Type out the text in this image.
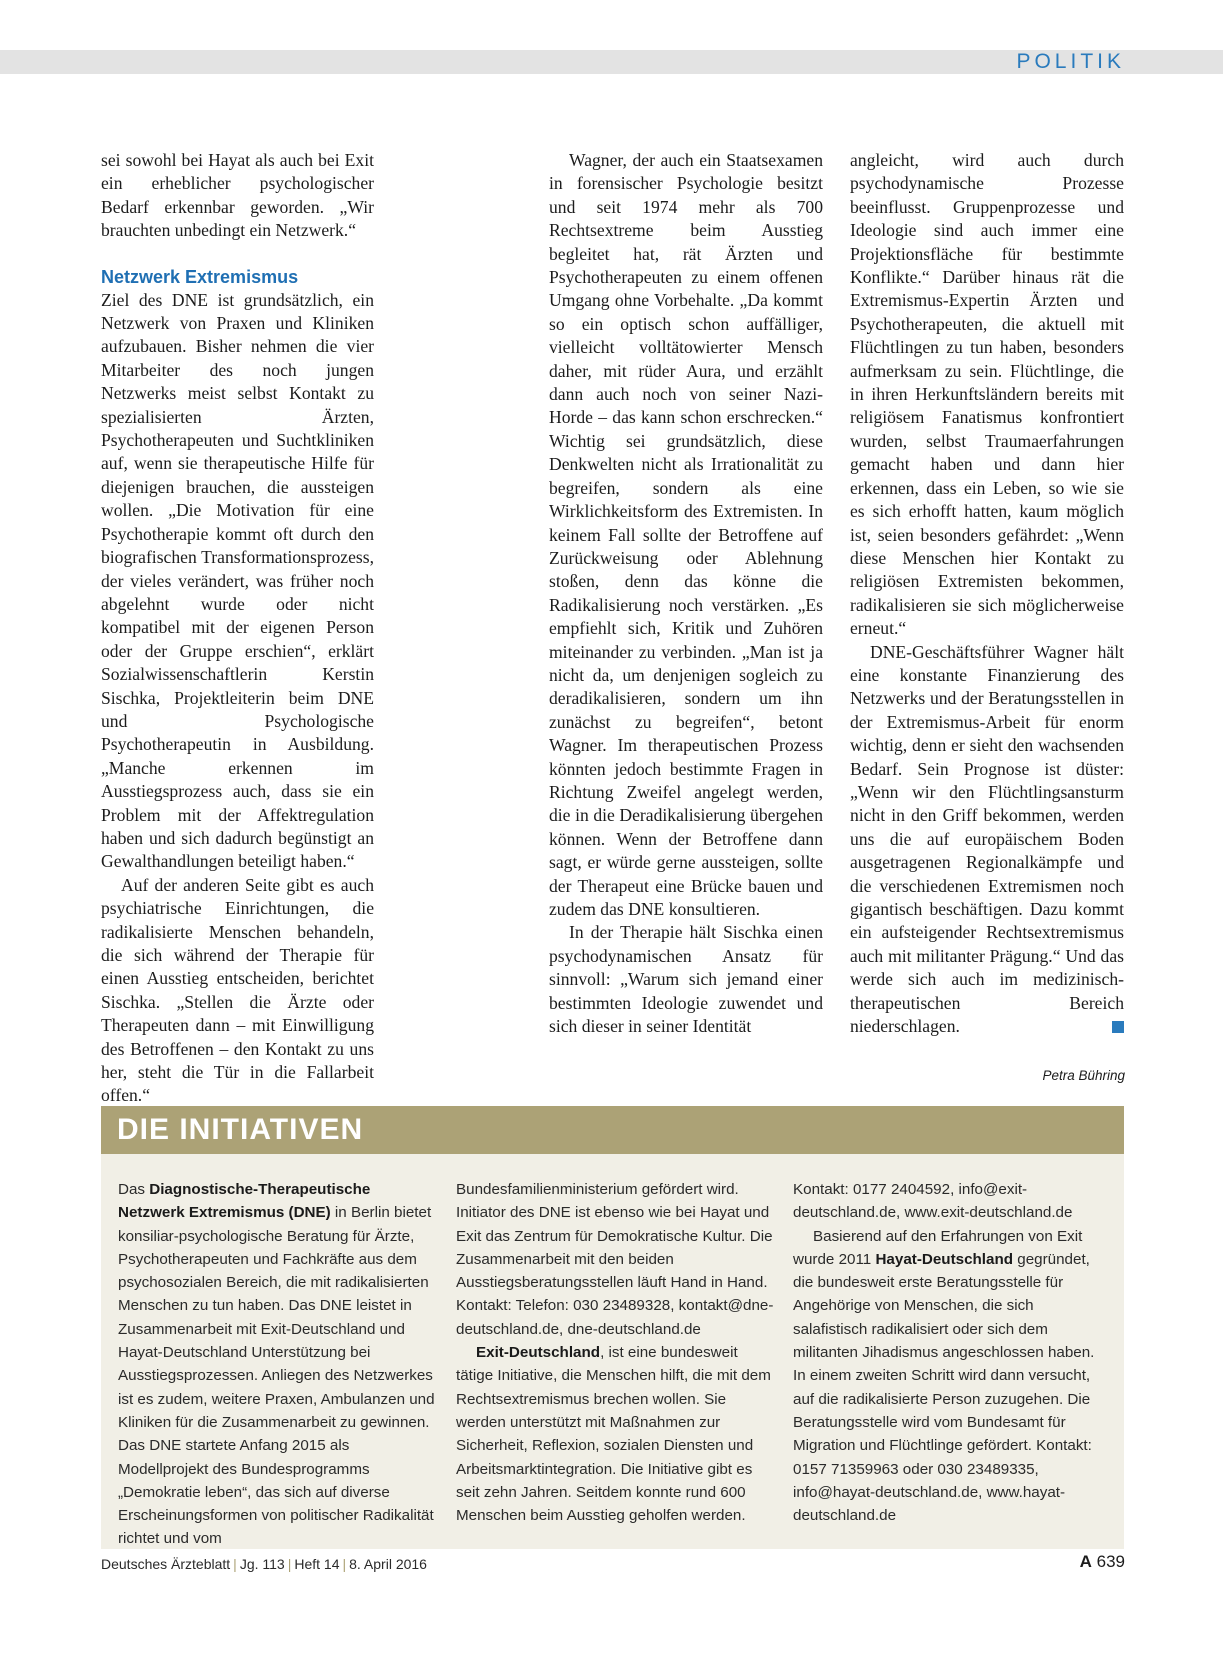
POLITIK

sei sowohl bei Hayat als auch bei Exit ein erheblicher psychologischer Bedarf erkennbar geworden. „Wir brauchten unbedingt ein Netzwerk.“

Netzwerk Extremismus

Ziel des DNE ist grundsätzlich, ein Netzwerk von Praxen und Kliniken aufzubauen. Bisher nehmen die vier Mitarbeiter des noch jungen Netzwerks meist selbst Kontakt zu spezialisierten Ärzten, Psychotherapeuten und Suchtkliniken auf, wenn sie therapeutische Hilfe für diejenigen brauchen, die aussteigen wollen. „Die Motivation für eine Psychotherapie kommt oft durch den biografischen Transformationsprozess, der vieles verändert, was früher noch abgelehnt wurde oder nicht kompatibel mit der eigenen Person oder der Gruppe erschien“, erklärt Sozialwissenschaftlerin Kerstin Sischka, Projektleiterin beim DNE und Psychologische Psychotherapeutin in Ausbildung. „Manche erkennen im Ausstiegsprozess auch, dass sie ein Problem mit der Affektregulation haben und sich dadurch begünstigt an Gewalthandlungen beteiligt haben.“

Auf der anderen Seite gibt es auch psychiatrische Einrichtungen, die radikalisierte Menschen behandeln, die sich während der Therapie für einen Ausstieg entscheiden, berichtet Sischka. „Stellen die Ärzte oder Therapeuten dann – mit Einwilligung des Betroffenen – den Kontakt zu uns her, steht die Tür in die Fallarbeit offen.“

Wagner, der auch ein Staatsexamen in forensischer Psychologie besitzt und seit 1974 mehr als 700 Rechtsextreme beim Ausstieg begleitet hat, rät Ärzten und Psychotherapeuten zu einem offenen Umgang ohne Vorbehalte. „Da kommt so ein optisch schon auffälliger, vielleicht volltätowierter Mensch daher, mit rüder Aura, und erzählt dann auch noch von seiner Nazi-Horde – das kann schon erschrecken.“ Wichtig sei grundsätzlich, diese Denkwelten nicht als Irrationalität zu begreifen, sondern als eine Wirklichkeitsform des Extremisten. In keinem Fall sollte der Betroffene auf Zurückweisung oder Ablehnung stoßen, denn das könne die Radikalisierung noch verstärken. „Es empfiehlt sich, Kritik und Zuhören miteinander zu verbinden. „Man ist ja nicht da, um denjenigen sogleich zu deradikalisieren, sondern um ihn zunächst zu begreifen“, betont Wagner. Im therapeutischen Prozess könnten jedoch bestimmte Fragen in Richtung Zweifel angelegt werden, die in die Deradikalisierung übergehen können. Wenn der Betroffene dann sagt, er würde gerne aussteigen, sollte der Therapeut eine Brücke bauen und zudem das DNE konsultieren.

In der Therapie hält Sischka einen psychodynamischen Ansatz für sinnvoll: „Warum sich jemand einer bestimmten Ideologie zuwendet und sich dieser in seiner Identität

angleicht, wird auch durch psychodynamische Prozesse beeinflusst. Gruppenprozesse und Ideologie sind auch immer eine Projektionsfläche für bestimmte Konflikte.“ Darüber hinaus rät die Extremismus-Expertin Ärzten und Psychotherapeuten, die aktuell mit Flüchtlingen zu tun haben, besonders aufmerksam zu sein. Flüchtlinge, die in ihren Herkunftsländern bereits mit religiösem Fanatismus konfrontiert wurden, selbst Traumaerfahrungen gemacht haben und dann hier erkennen, dass ein Leben, so wie sie es sich erhofft hatten, kaum möglich ist, seien besonders gefährdet: „Wenn diese Menschen hier Kontakt zu religiösen Extremisten bekommen, radikalisieren sie sich möglicherweise erneut.“

DNE-Geschäftsführer Wagner hält eine konstante Finanzierung des Netzwerks und der Beratungsstellen in der Extremismus-Arbeit für enorm wichtig, denn er sieht den wachsenden Bedarf. Sein Prognose ist düster: „Wenn wir den Flüchtlingsansturm nicht in den Griff bekommen, werden uns die auf europäischem Boden ausgetragenen Regionalkämpfe und die verschiedenen Extremismen noch gigantisch beschäftigen. Dazu kommt ein aufsteigender Rechtsextremismus auch mit militanter Prägung.“ Und das werde sich auch im medizinisch-therapeutischen Bereich niederschlagen.

Petra Bühring
DIE INITIATIVEN

Das Diagnostische-Therapeutische Netzwerk Extremismus (DNE) in Berlin bietet konsiliar-psychologische Beratung für Ärzte, Psychotherapeuten und Fachkräfte aus dem psychosozialen Bereich, die mit radikalisierten Menschen zu tun haben. Das DNE leistet in Zusammenarbeit mit Exit-Deutschland und Hayat-Deutschland Unterstützung bei Ausstiegsprozessen. Anliegen des Netzwerkes ist es zudem, weitere Praxen, Ambulanzen und Kliniken für die Zusammenarbeit zu gewinnen. Das DNE startete Anfang 2015 als Modellprojekt des Bundesprogramms „Demokratie leben“, das sich auf diverse Erscheinungsformen von politischer Radikalität richtet und vom

Bundesfamilienministerium gefördert wird. Initiator des DNE ist ebenso wie bei Hayat und Exit das Zentrum für Demokratische Kultur. Die Zusammenarbeit mit den beiden Ausstiegsberatungsstellen läuft Hand in Hand. Kontakt: Telefon: 030 23489328, kontakt@dne-deutschland.de, dne-deutschland.de

Exit-Deutschland, ist eine bundesweit tätige Initiative, die Menschen hilft, die mit dem Rechtsextremismus brechen wollen. Sie werden unterstützt mit Maßnahmen zur Sicherheit, Reflexion, sozialen Diensten und Arbeitsmarktintegration. Die Initiative gibt es seit zehn Jahren. Seitdem konnte rund 600 Menschen beim Ausstieg geholfen werden.

Kontakt: 0177 2404592, info@exit-deutschland.de, www.exit-deutschland.de

Basierend auf den Erfahrungen von Exit wurde 2011 Hayat-Deutschland gegründet, die bundesweit erste Beratungsstelle für Angehörige von Menschen, die sich salafistisch radikalisiert oder sich dem militanten Jihadismus angeschlossen haben. In einem zweiten Schritt wird dann versucht, auf die radikalisierte Person zuzugehen. Die Beratungsstelle wird vom Bundesamt für Migration und Flüchtlinge gefördert. Kontakt: 0157 71359963 oder 030 23489335, info@hayat-deutschland.de, www.hayat-deutschland.de

Deutsches Ärzteblatt | Jg. 113 | Heft 14 | 8. April 2016	A 639
